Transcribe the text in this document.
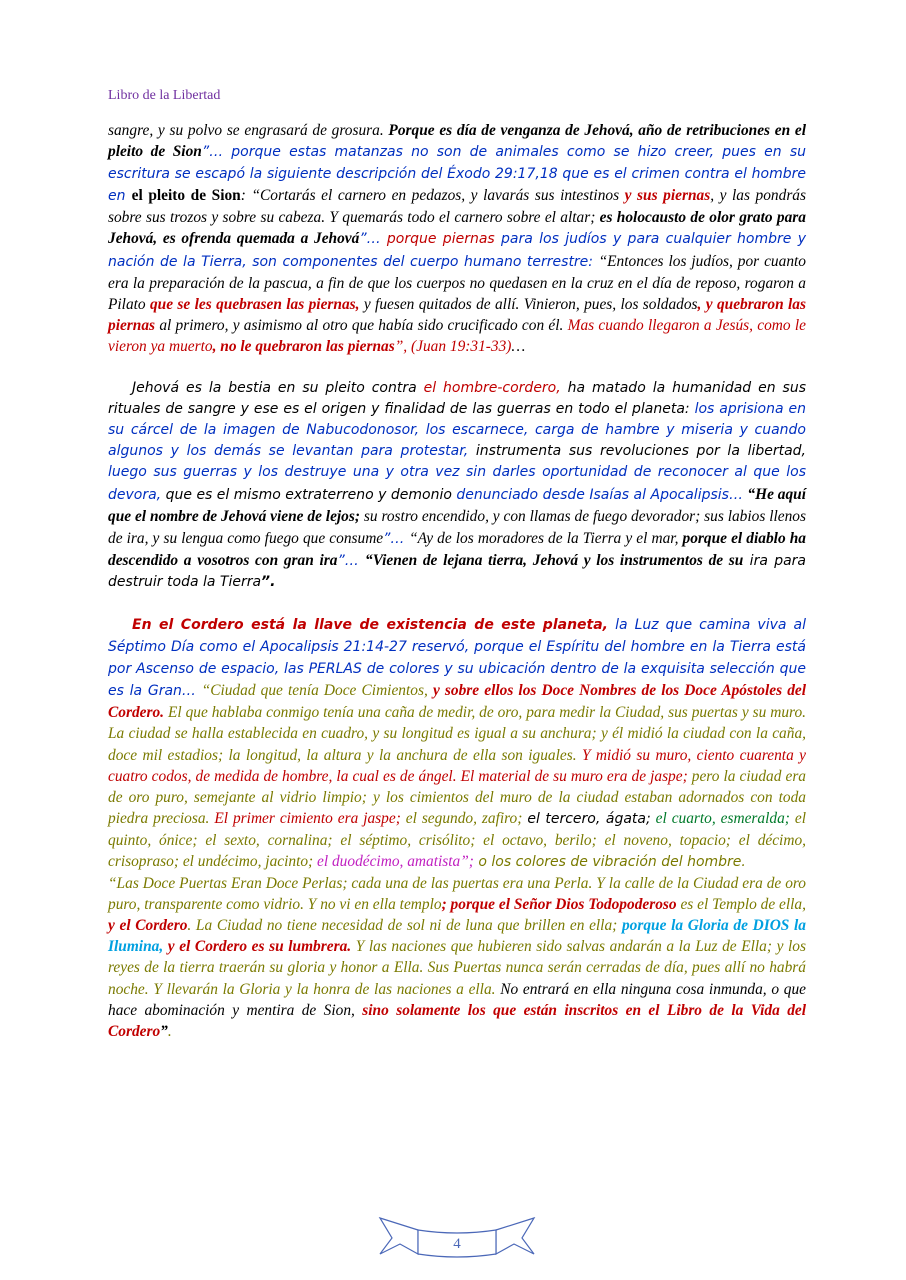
Libro de la Libertad

sangre, y su polvo se engrasará de grosura. Porque es día de venganza de Jehová, año de retribuciones en el pleito de Sion”… porque estas matanzas no son de animales como se hizo creer, pues en su escritura se escapó la siguiente descripción del Éxodo 29:17,18 que es el crimen contra el hombre en el pleito de Sion: “Cortarás el carnero en pedazos, y lavarás sus intestinos y sus piernas, y las pondrás sobre sus trozos y sobre su cabeza. Y quemarás todo el carnero sobre el altar; es holocausto de olor grato para Jehová, es ofrenda quemada a Jehová”… porque piernas para los judíos y para cualquier hombre y nación de la Tierra, son componentes del cuerpo humano terrestre: “Entonces los judíos, por cuanto era la preparación de la pascua, a fin de que los cuerpos no quedasen en la cruz en el día de reposo, rogaron a Pilato que se les quebrasen las piernas, y fuesen quitados de allí. Vinieron, pues, los soldados, y quebraron las piernas al primero, y asimismo al otro que había sido crucificado con él. Mas cuando llegaron a Jesús, como le vieron ya muerto, no le quebraron las piernas”, (Juan 19:31-33)…

Jehová es la bestia en su pleito contra el hombre-cordero, ha matado la humanidad en sus rituales de sangre y ese es el origen y finalidad de las guerras en todo el planeta: los aprisiona en su cárcel de la imagen de Nabucodonosor, los escarnece, carga de hambre y miseria y cuando algunos y los demás se levantan para protestar, instrumenta sus revoluciones por la libertad, luego sus guerras y los destruye una y otra vez sin darles oportunidad de reconocer al que los devora, que es el mismo extraterreno y demonio denunciado desde Isaías al Apocalipsis… “He aquí que el nombre de Jehová viene de lejos; su rostro encendido, y con llamas de fuego devorador; sus labios llenos de ira, y su lengua como fuego que consume”… “Ay de los moradores de la Tierra y el mar, porque el diablo ha descendido a vosotros con gran ira”… “Vienen de lejana tierra, Jehová y los instrumentos de su ira para destruir toda la Tierra”.

En el Cordero está la llave de existencia de este planeta, la Luz que camina viva al Séptimo Día como el Apocalipsis 21:14-27 reservó, porque el Espíritu del hombre en la Tierra está por Ascenso de espacio, las PERLAS de colores y su ubicación dentro de la exquisita selección que es la Gran… “Ciudad que tenía Doce Cimientos, y sobre ellos los Doce Nombres de los Doce Apóstoles del Cordero. El que hablaba conmigo tenía una caña de medir, de oro, para medir la Ciudad, sus puertas y su muro. La ciudad se halla establecida en cuadro, y su longitud es igual a su anchura; y él midió la ciudad con la caña, doce mil estadios; la longitud, la altura y la anchura de ella son iguales. Y midió su muro, ciento cuarenta y cuatro codos, de medida de hombre, la cual es de ángel. El material de su muro era de jaspe; pero la ciudad era de oro puro, semejante al vidrio limpio; y los cimientos del muro de la ciudad estaban adornados con toda piedra preciosa. El primer cimiento era jaspe; el segundo, zafiro; el tercero, ágata; el cuarto, esmeralda; el quinto, ónice; el sexto, cornalina; el séptimo, crisólito; el octavo, berilo; el noveno, topacio; el décimo, crisopraso; el undécimo, jacinto; el duodécimo, amatista”; o los colores de vibración del hombre.

“Las Doce Puertas Eran Doce Perlas; cada una de las puertas era una Perla. Y la calle de la Ciudad era de oro puro, transparente como vidrio. Y no vi en ella templo; porque el Señor Dios Todopoderoso es el Templo de ella, y el Cordero. La Ciudad no tiene necesidad de sol ni de luna que brillen en ella; porque la Gloria de DIOS la Ilumina, y el Cordero es su lumbrera. Y las naciones que hubieren sido salvas andarán a la Luz de Ella; y los reyes de la tierra traerán su gloria y honor a Ella. Sus Puertas nunca serán cerradas de día, pues allí no habrá noche. Y llevarán la Gloria y la honra de las naciones a ella. No entrará en ella ninguna cosa inmunda, o que hace abominación y mentira de Sion, sino solamente los que están inscritos en el Libro de la Vida del Cordero”.

4
